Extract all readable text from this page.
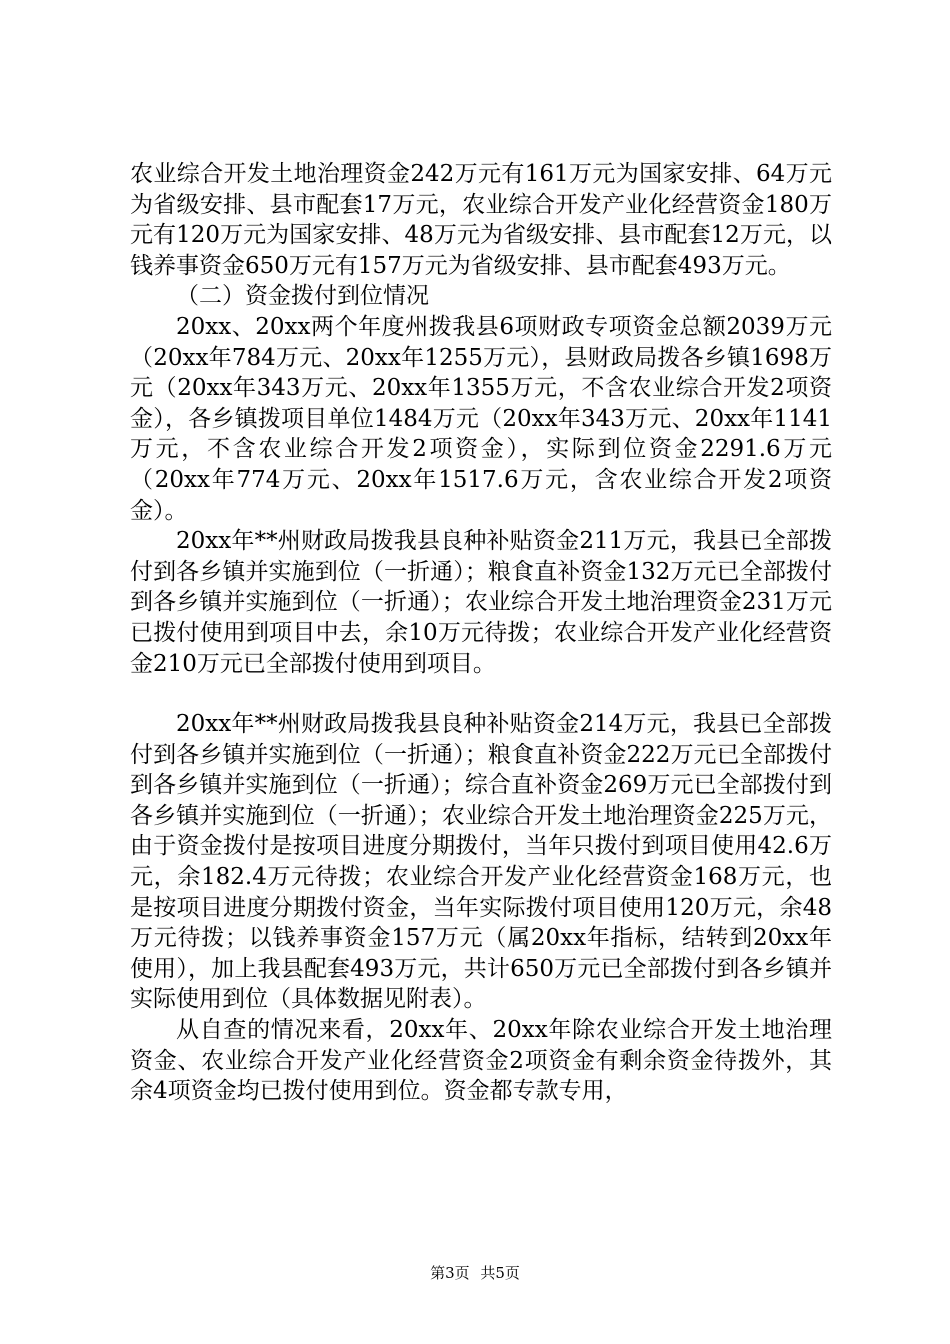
农业综合开发土地治理资金242万元有161万元为国家安排、64万元为省级安排、县市配套17万元，农业综合开发产业化经营资金180万元有120万元为国家安排、48万元为省级安排、县市配套12万元，以钱养事资金650万元有157万元为省级安排、县市配套493万元。

（二）资金拨付到位情况

20xx、20xx两个年度州拨我县6项财政专项资金总额2039万元（20xx年784万元、20xx年1255万元），县财政局拨各乡镇1698万元（20xx年343万元、20xx年1355万元，不含农业综合开发2项资金），各乡镇拨项目单位1484万元（20xx年343万元、20xx年1141万元，不含农业综合开发2项资金），实际到位资金2291.6万元（20xx年774万元、20xx年1517.6万元，含农业综合开发2项资金）。

20xx年**州财政局拨我县良种补贴资金211万元，我县已全部拨付到各乡镇并实施到位（一折通）；粮食直补资金132万元已全部拨付到各乡镇并实施到位（一折通）；农业综合开发土地治理资金231万元已拨付使用到项目中去，余10万元待拨；农业综合开发产业化经营资金210万元已全部拨付使用到项目。

20xx年**州财政局拨我县良种补贴资金214万元，我县已全部拨付到各乡镇并实施到位（一折通）；粮食直补资金222万元已全部拨付到各乡镇并实施到位（一折通）；综合直补资金269万元已全部拨付到各乡镇并实施到位（一折通）；农业综合开发土地治理资金225万元，由于资金拨付是按项目进度分期拨付，当年只拨付到项目使用42.6万元，余182.4万元待拨；农业综合开发产业化经营资金168万元，也是按项目进度分期拨付资金，当年实际拨付项目使用120万元，余48万元待拨；以钱养事资金157万元（属20xx年指标，结转到20xx年使用），加上我县配套493万元，共计650万元已全部拨付到各乡镇并实际使用到位（具体数据见附表）。

从自查的情况来看，20xx年、20xx年除农业综合开发土地治理资金、农业综合开发产业化经营资金2项资金有剩余资金待拨外，其余4项资金均已拨付使用到位。资金都专款专用，

第3页 共5页
